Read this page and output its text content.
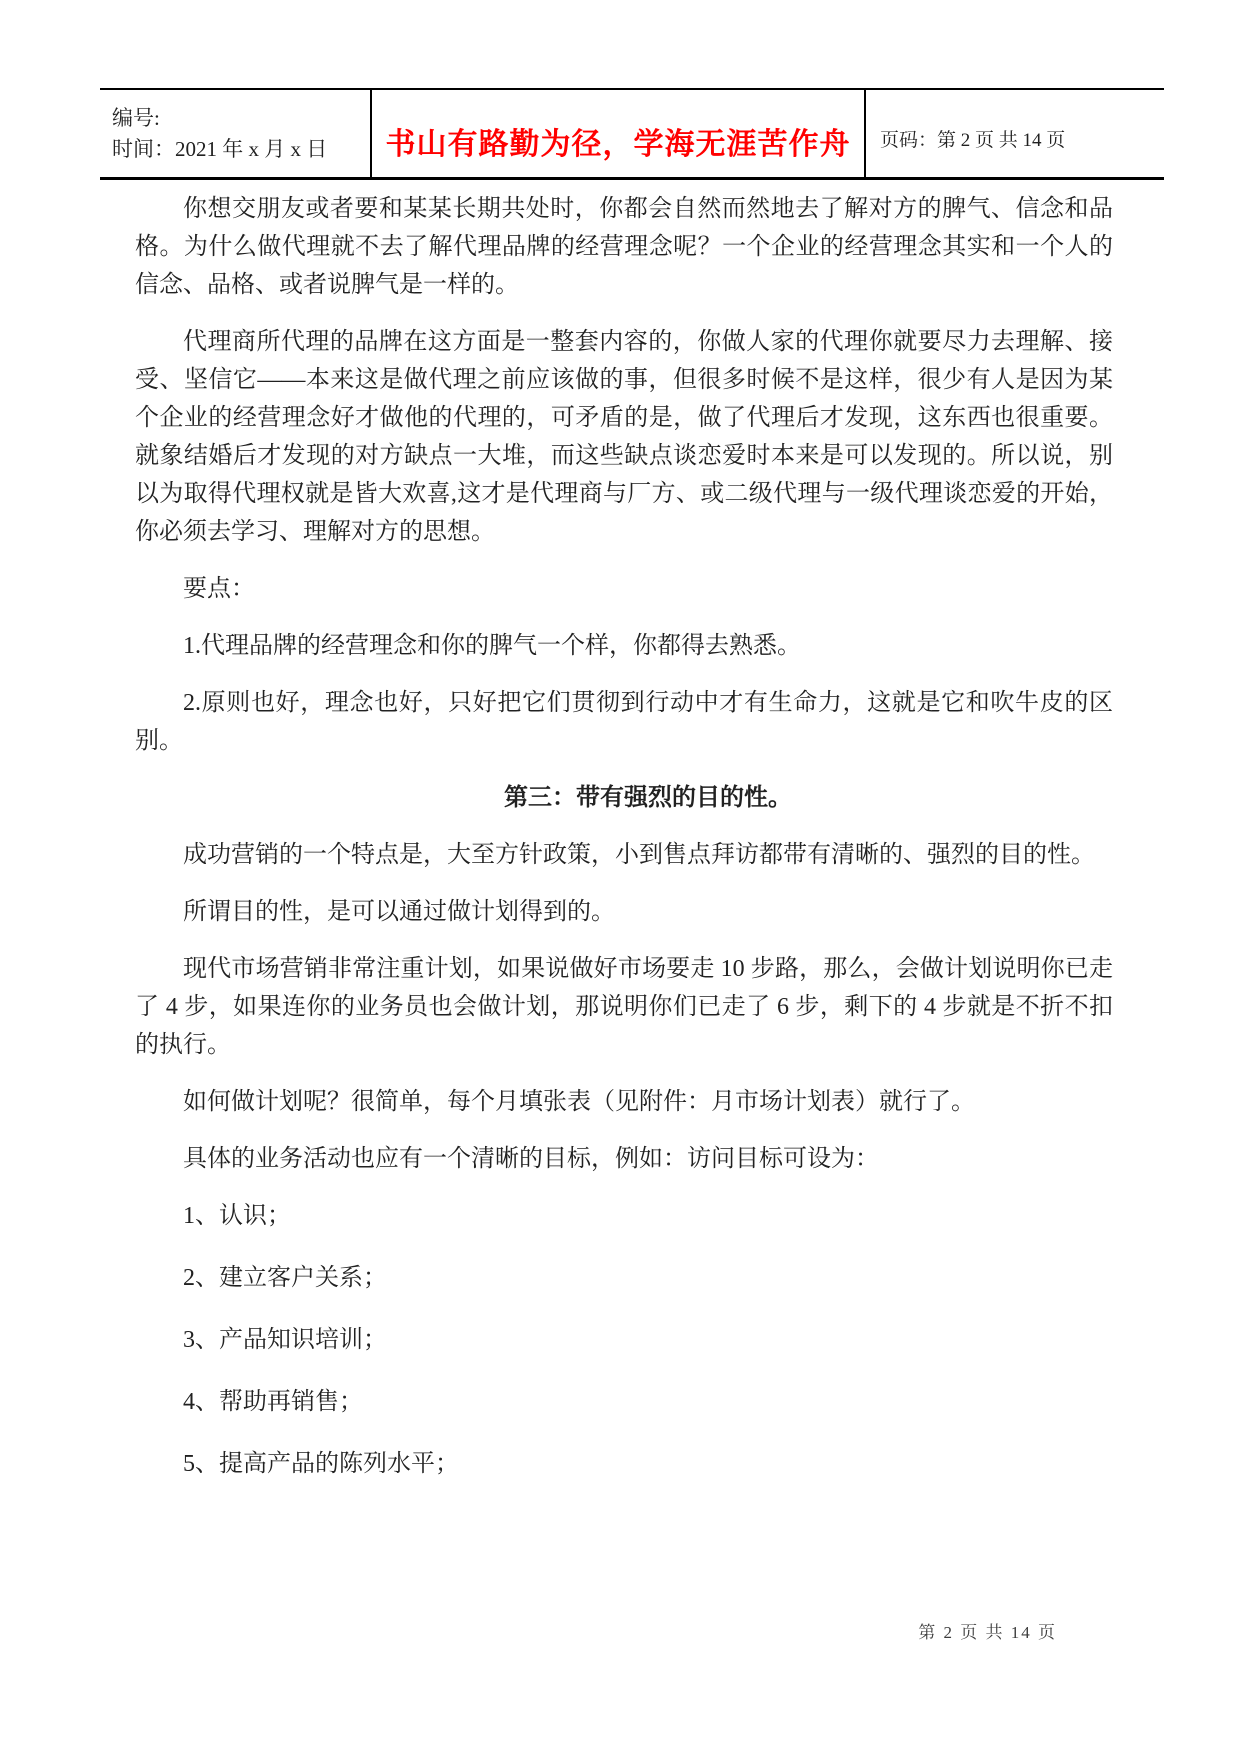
编号:
时间：2021 年 x 月 x 日	书山有路勤为径，学海无涯苦作舟 页码：第 2 页 共 14 页

你想交朋友或者要和某某长期共处时，你都会自然而然地去了解对方的脾气、信念和品格。为什么做代理就不去了解代理品牌的经营理念呢？一个企业的经营理念其实和一个人的信念、品格、或者说脾气是一样的。

代理商所代理的品牌在这方面是一整套内容的，你做人家的代理你就要尽力去理解、接受、坚信它——本来这是做代理之前应该做的事，但很多时候不是这样，很少有人是因为某个企业的经营理念好才做他的代理的，可矛盾的是，做了代理后才发现，这东西也很重要。就象结婚后才发现的对方缺点一大堆，而这些缺点谈恋爱时本来是可以发现的。所以说，别以为取得代理权就是皆大欢喜,这才是代理商与厂方、或二级代理与一级代理谈恋爱的开始，你必须去学习、理解对方的思想。

要点：

1.代理品牌的经营理念和你的脾气一个样，你都得去熟悉。

2.原则也好，理念也好，只好把它们贯彻到行动中才有生命力，这就是它和吹牛皮的区别。

第三：带有强烈的目的性。

成功营销的一个特点是，大至方针政策，小到售点拜访都带有清晰的、强烈的目的性。

所谓目的性，是可以通过做计划得到的。

现代市场营销非常注重计划，如果说做好市场要走 10 步路，那么，会做计划说明你已走了 4 步，如果连你的业务员也会做计划，那说明你们已走了 6 步，剩下的 4 步就是不折不扣的执行。

如何做计划呢？很简单，每个月填张表（见附件：月市场计划表）就行了。

具体的业务活动也应有一个清晰的目标，例如：访问目标可设为：

1、认识；

2、建立客户关系；

3、产品知识培训；

4、帮助再销售；

5、提高产品的陈列水平；

第 2 页 共 14 页
